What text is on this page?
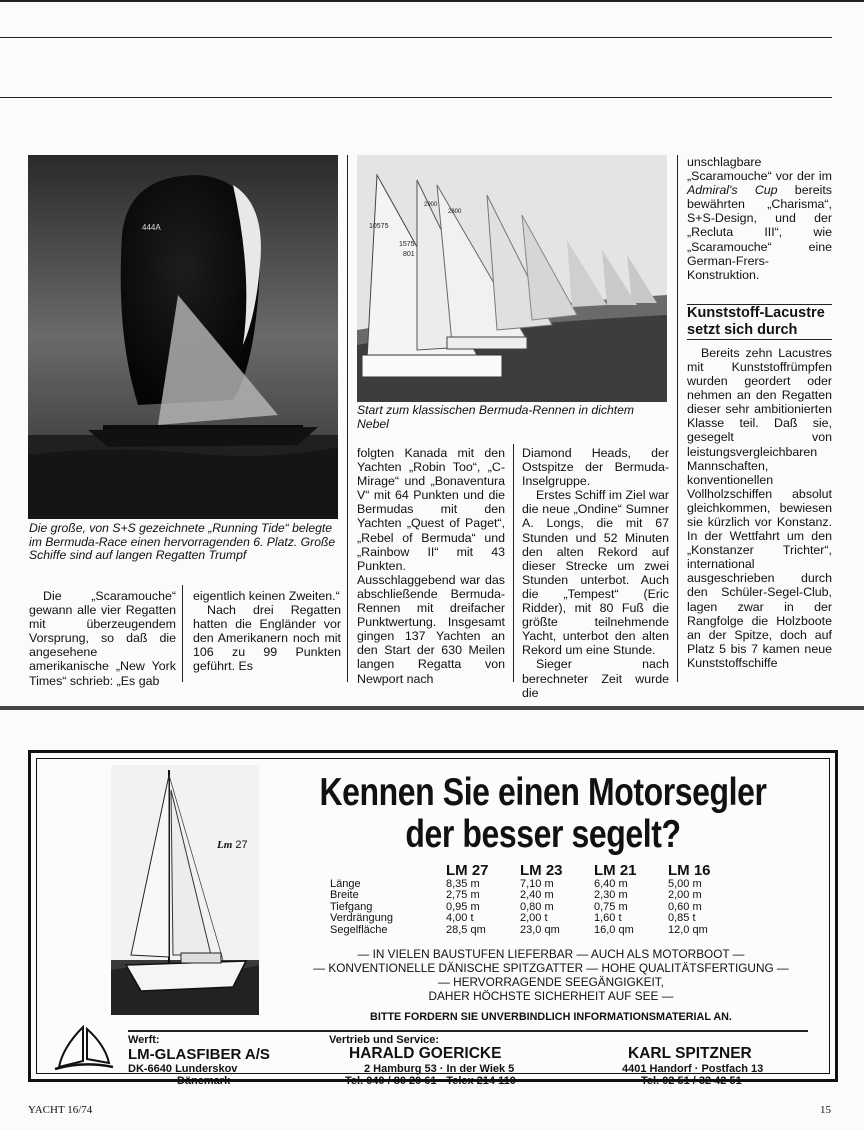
444A
Die große, von S+S gezeichnete „Running Tide“ belegte im Bermuda-Race einen hervorragenden 6. Platz. Große Schiffe sind auf langen Regatten Trumpf
10575
1575
801
2900
2800
Start zum klassischen Bermuda-Rennen in dichtem Nebel

Die „Scaramouche“ gewann alle vier Regatten mit überzeugendem Vorsprung, so daß die angesehene amerikanische „New York Times“ schrieb: „Es gab

eigentlich keinen Zweiten.“

Nach drei Regatten hatten die Engländer vor den Amerikanern noch mit 106 zu 99 Punkten geführt. Es

folgten Kanada mit den Yachten „Robin Too“, „C-Mirage“ und „Bonaventura V“ mit 64 Punkten und die Bermudas mit den Yachten „Quest of Paget“, „Rebel of Bermuda“ und „Rainbow II“ mit 43 Punkten. Ausschlaggebend war das abschließende Bermuda-Rennen mit dreifacher Punktwertung. Insgesamt gingen 137 Yachten an den Start der 630 Meilen langen Regatta von Newport nach

Diamond Heads, der Ostspitze der Bermuda-Inselgruppe.

Erstes Schiff im Ziel war die neue „Ondine“ Sumner A. Longs, die mit 67 Stunden und 52 Minuten den alten Rekord auf dieser Strecke um zwei Stunden unterbot. Auch die „Tempest“ (Eric Ridder), mit 80 Fuß die größte teilnehmende Yacht, unterbot den alten Rekord um eine Stunde.

Sieger nach berechneter Zeit wurde die

unschlagbare „Scaramouche“ vor der im Admiral's Cup bereits bewährten „Charisma“, S+S-Design, und der „Recluta III“, wie „Scaramouche“ eine German-Frers-Konstruktion.

Kunststoff-Lacustre setzt sich durch

Bereits zehn Lacustres mit Kunststoffrümpfen wurden geordert oder nehmen an den Regatten dieser sehr ambitionierten Klasse teil. Daß sie, gesegelt von leistungsvergleichbaren Mannschaften, konventionellen Vollholzschiffen absolut gleichkommen, bewiesen sie kürzlich vor Konstanz. In der Wettfahrt um den „Konstanzer Trichter“, international ausgeschrieben durch den Schüler-Segel-Club, lagen zwar in der Rangfolge die Holzboote an der Spitze, doch auf Platz 5 bis 7 kamen neue Kunststoffschiffe

Lm 27
Kennen Sie einen Motorsegler
der besser segelt?
	LM 27	LM 23	LM 21	LM 16
Länge	8,35 m	7,10 m	6,40 m	5,00 m
Breite	2,75 m	2,40 m	2,30 m	2,00 m
Tiefgang	0,95 m	0,80 m	0,75 m	0,60 m
Verdrängung	4,00 t	2,00 t	1,60 t	0,85 t
Segelfläche	28,5 qm	23,0 qm	16,0 qm	12,0 qm
— IN VIELEN BAUSTUFEN LIEFERBAR — AUCH ALS MOTORBOOT —
— KONVENTIONELLE DÄNISCHE SPITZGATTER — HOHE QUALITÄTSFERTIGUNG —
— HERVORRAGENDE SEEGÄNGIGKEIT,
DAHER HÖCHSTE SICHERHEIT AUF SEE —
BITTE FORDERN SIE UNVERBINDLICH INFORMATIONSMATERIAL AN.
Werft:
LM-GLASFIBER A/S
DK-6640 Lunderskov
Dänemark
Vertrieb und Service:
HARALD GOERICKE
2 Hamburg 53 · In der Wiek 5
Tel. 040 / 80 20 61 · Telex 214 110
KARL SPITZNER
4401 Handorf · Postfach 13
Tel. 02 51 / 32 42 51
YACHT 16/74	15
